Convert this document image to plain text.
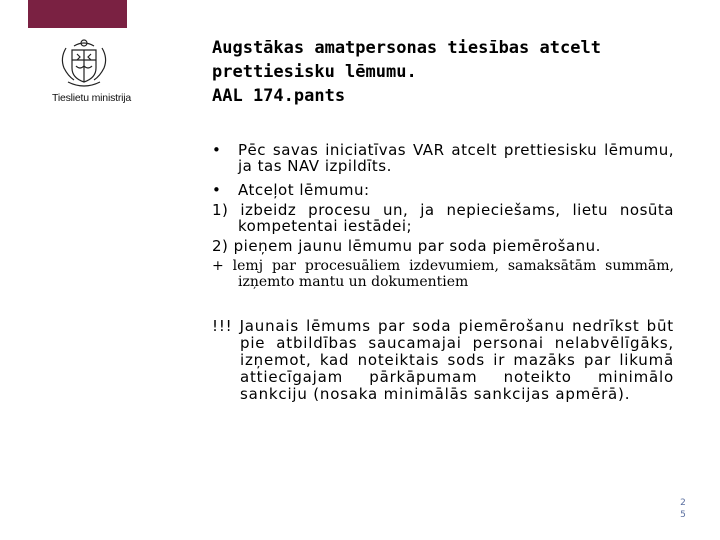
Tieslietu ministrija
Augstākas amatpersonas tiesības atcelt
prettiesisku lēmumu.
AAL 174.pants
•	Pēc savas iniciatīvas VAR atcelt prettiesisku lēmumu, ja tas NAV izpildīts.
•	Atceļot lēmumu:
1) izbeidz procesu un, ja nepieciešams, lietu nosūta kompetentai iestādei;
2) pieņem jaunu lēmumu par soda piemērošanu.
+ lemj par procesuāliem izdevumiem, samaksātām summām, izņemto mantu un dokumentiem
!!! Jaunais lēmums par soda piemērošanu nedrīkst būt pie atbildības saucamajai personai nelabvēlīgāks, izņemot, kad noteiktais sods ir mazāks par likumā attiecīgajam pārkāpumam noteikto minimālo sankciju (nosaka minimālās sankcijas apmērā).
2
5
